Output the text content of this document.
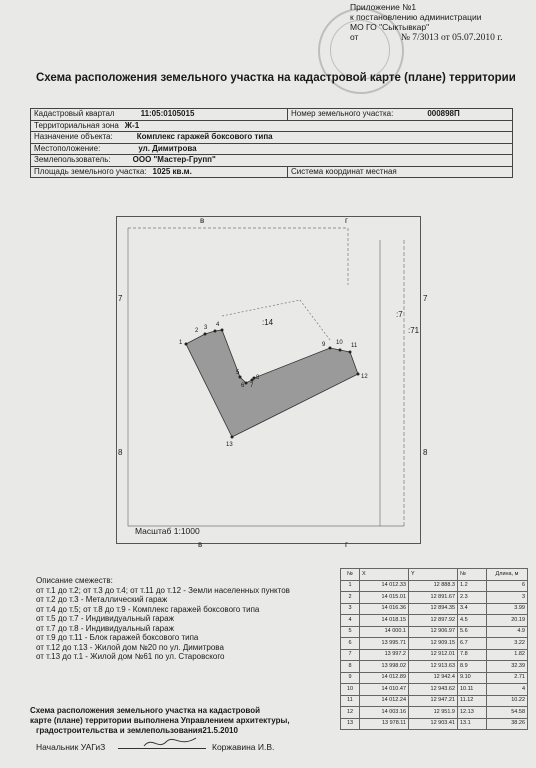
Приложение №1
к постановлению администрации
МО ГО "Сыктывкар"
от	№ 7/3013 от 05.07.2010 г.
Схема расположения земельного участка на кадастровой карте (плане) территории
Кадастровый квартал 11:05:0105015	Номер земельного участка: 000898П
Территориальная зона Ж-1	
Назначение объекта: Комплекс гаражей боксового типа	
Местоположение: ул. Димитрова	
Землепользователь: ООО "Мастер-Групп"	
Площадь земельного участка: 1025 кв.м.	Система координат местная
в	г
в	г
7	7
8	8
:14
:7
:71
Масштаб 1:1000
1
2 3 4
5
6 7
8
9 10 11
12
13
Описание смежеств:
от т.1 до т.2; от т.3 до т.4; от т.11 до т.12 - Земли населенных пунктов
от т.2 до т.3 - Металлический гараж
от т.4 до т.5; от т.8 до т.9 - Комплекс гаражей боксового типа
от т.5 до т.7 - Индивидуальный гараж
от т.7 до т.8 - Индивидуальный гараж
от т.9 до т.11 - Блок гаражей боксового типа
от т.12 до т.13 - Жилой дом №20 по ул. Димитрова
от т.13 до т.1 - Жилой дом №61 по ул. Старовского
№	X	Y	№	Длина, м
1	14 012.33	12 888.3	1.2	6
2	14 015.01	12 891.67	2.3	3
3	14 016.36	12 894.35	3.4	3.99
4	14 018.15	12 897.92	4.5	20.19
5	14 000.1	12 906.97	5.6	4.9
6	13 995.71	12 909.15	6.7	3.22
7	13 997.2	12 912.01	7.8	1.82
8	13 998.02	12 913.63	8.9	32.39
9	14 012.89	12 942.4	9.10	2.71
10	14 010.47	12 943.62	10.11	4
11	14 012.24	12 947.21	11.12	10.22
12	14 003.16	12 951.9	12.13	54.58
13	13 978.11	12 903.41	13.1	38.26
Схема расположения земельного участка на кадастровой
карте (плане) территории выполнена Управлением архитектуры,
градостроительства и землепользования21.5.2010
Начальник УАГиЗ	Коржавина И.В.
